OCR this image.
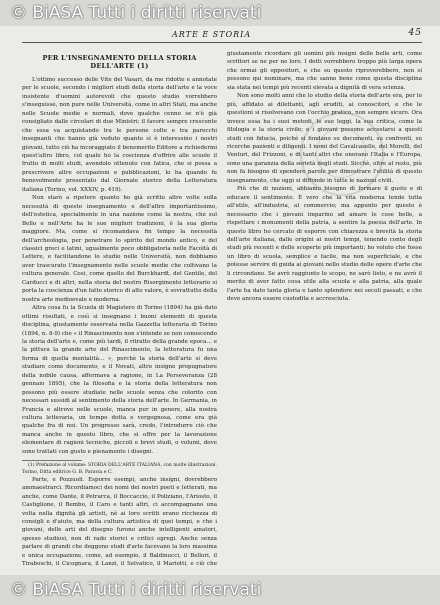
ARTE E STORIA	45
PER L'INSEGNAMENTO DELLA STORIA DELL'ARTE (1)

L'ottimo successo delle Vite del Vasari, da me ridotte e annotate per le scuole, secondo i migliori studi della storia dell'arte e la voce insistente d'uomini autorevoli che questo studio vorrebbero s'inseguisse, non pure nelle Università, come in altri Stati, ma anche nelle Scuole medie e normali, dove qualche cenno se n'è già consigliato dalle circolari di due Ministri; il favore sempre crescente che essa va acquistando tra le persone colte e tra parecchi insegnanti che hanno già veduto quanto si è interessino i nostri giovani, tutto ciò ha incoraggiato il benemerito Editore a richiedermi quest'altro libro, col quale ho la coscienza d'offrire alle scuole il frutto di molti studi, avendolo ottenuto con fatica, che si possa a prescrivere altre occupazioni e pubblicazioni, lo ha quando fu benevolmente presentato dal Giornale storico della Letteratura italiana (Torino, vol. XXXIV, p. 419).

Non starò a ripetere quanto ho già scritto altre volte sulla necessità di questo insegnamento e dell'altro importantissimo, dell'estetica, specialmente in una nazione come la nostra, che sul Bello e nell'Arte ha le sue migliori tradizioni, è la sua gloria maggiore. Ma, come si ricomandava fin tempo la necessità dell'archeologia, per penetrare lo spirito del mondo antico, e del classici greci e latini, ugualmente poco obbligatoria nelle Facoltà di Lettere, e facilitandone lo studio nelle Università, non dobbiamo aver trascurato l'insegnamento nelle scuole medie che coltivano la cultura generale. Cosi, come quello del Burckhardt, del Gentile, del Carducci e di altri, nella storia del nostro Risorgimento letterario si porta la coscienza d'un fatto storico di alto valore, è sovrattutto della nostra arte medioevale e moderna.

Altra cosa fu la Scuola di Magistero di Torino (1894) ha già dato ottimi risultati, e così si insegnano i buoni elementi di questa disciplina, giustamente osservata nella Gazzetta letteraria di Torino (1894, n. 8-9) che « il Rinascimento non s'intende se non conoscendo la storia dell'arte e, come più tardi, il ritratto della grande epoca... e la pittura la grande arte del Rinascimento, la letteratura fu una forma di quella mentalità... », perchè la storia dell'arte si deve studiare come documento, e il Novati, altro insigne propugnatore della nobile causa, affermava a ragione, in La Perseveranza (28 gennaio 1895), che la filosofia e la storia della letteratura non possono più essere studiate nelle scuole senza che colorito con necessari sussidi al sentimento della storia dell'arte. In Germania, in Francia e altrove nelle scuole, manca pur in genere, alla nostra cultura letteraria, un tempo dotta e vergognosa, come era già qualche fra di noi. Un progresso sarà, credo, l'introdurre ciò che manca anche in questo libro, che si offre per la lavorazione elementare di ragioni tecniche, piccoli e brevi studi, o volumi, dove sono trattati con gusto e pienamente i disegni.

(1) Prefazione al volume: STORIA DELL'ARTE ITALIANA, con molte illustrazioni. Torino, Ditta editrice G. B. Paravia e C.

Parte, e Pozzuoli. Esporre esempi, anche insigni, dovrebbero ammaestrarci. Ricordiamoci dei nomi dei nostri poeti e letterati, ma anche, come Dante, il Petrarca, il Boccaccio, il Poliziano, l'Ariosto, il Castiglione, il Bembo, il Caro e tanti altri, ci accompagnano una volta nella dignità gli artisti, nè ai loro scritti erano ricchezza di consigli e d'aiuto, ma della cultura artistica di quei tempi, e che i giovani, delle arti del disegno furono anche intelligenti amatori, spesso studiosi, non di rado storici e critici egregi. Anche senza parlare di grandi che deggono studi d'arte facevano la loro massima e unica occupazione, come, ad esempio, il Baldinucci, il Bellori, il Tiraboschi, il Cicognara, il Lanzi, il Selvatico, il Mariotti, e ciò che giustamente ricordare gli uomini più insigni delle belle arti, come scrittori se ne per ne loro. I dotti vorrebbero troppo più larga opera che ormai gli oppositori, e che su questo riproverebbero, non si possono qui nominare, ma che sanno bene come questa disciplina sia stata nei tempi più recenti elevata a dignità di vera scienza.

Non sono molti anni che lo studio della storia dell'arte era, per lo più, affidato ai dilettanti, agli eruditi, ai conoscitori, e che le questioni si risolvevano con l'occhio pratico, non sempre sicuro. Ora invece essa ha i suoi metodi, le sue leggi, la sua critica, come la filologia e la storia civile; e i giovani possono accostarsi a questi studi con fiducia, poichè si fondano su documenti, su confronti, su ricerche pazienti e diligenti. I nomi del Cavalcaselle, del Morelli, del Venturi, del Frizzoni, e di tanti altri che onorano l'Italia e l'Europa, sono una garanzia della serietà degli studi. Sicchè, oltre al resto, più non fa bisogno di spendere parole per dimostrare l'utilità di questo insegnamento, che oggi si diffonde in tutte le nazioni civili.

Più che di nozioni, abbiamo bisogno di formare il gusto e di educare il sentimento. È vero che la vita moderna tende tutta all'utile, all'industria, al commercio; ma appunto per questo è necessario che i giovani imparino ad amare le cose belle, a rispettare i monumenti della patria, a sentire la poesia dell'arte. In questo libro ho cercato di esporre con chiarezza e brevità la storia dell'arte italiana, dalle origini ai nostri tempi, tenendo conto degli studi più recenti e delle scoperte più importanti; ho voluto che fosse un libro di scuola, semplice e facile, ma non superficiale, e che potesse servire di guida ai giovani nello studio delle opere d'arte che li circondano. Se avrò raggiunto lo scopo, ne sarò lieto, e ne avrò il merito di aver fatto cosa utile alla scuola e alla patria, alla quale l'arte ha dato tanta gloria e tanto splendore nei secoli passati, e che deve ancora essere custodita e accresciuta.

© BiASA Tutti i diritti riservati
© BiASA Tutti i diritti riservati
